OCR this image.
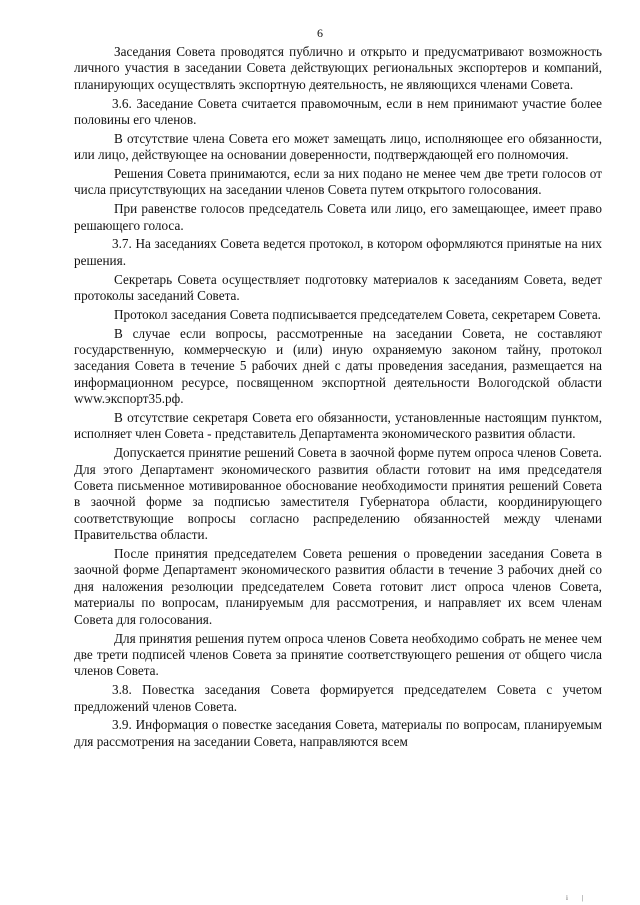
6

Заседания Совета проводятся публично и открыто и предусматривают возможность личного участия в заседании Совета действующих региональных экспортеров и компаний, планирующих осуществлять экспортную деятельность, не являющихся членами Совета.

3.6. Заседание Совета считается правомочным, если в нем принимают участие более половины его членов.

В отсутствие члена Совета его может замещать лицо, исполняющее его обязанности, или лицо, действующее на основании доверенности, подтверждающей его полномочия.

Решения Совета принимаются, если за них подано не менее чем две трети голосов от числа присутствующих на заседании членов Совета путем открытого голосования.

При равенстве голосов председатель Совета или лицо, его замещающее, имеет право решающего голоса.

3.7. На заседаниях Совета ведется протокол, в котором оформляются принятые на них решения.

Секретарь Совета осуществляет подготовку материалов к заседаниям Совета, ведет протоколы заседаний Совета.

Протокол заседания Совета подписывается председателем Совета, секретарем Совета.

В случае если вопросы, рассмотренные на заседании Совета, не составляют государственную, коммерческую и (или) иную охраняемую законом тайну, протокол заседания Совета в течение 5 рабочих дней с даты проведения заседания, размещается на информационном ресурсе, посвященном экспортной деятельности Вологодской области www.экспорт35.рф.

В отсутствие секретаря Совета его обязанности, установленные настоящим пунктом, исполняет член Совета - представитель Департамента экономического развития области.

Допускается принятие решений Совета в заочной форме путем опроса членов Совета. Для этого Департамент экономического развития области готовит на имя председателя Совета письменное мотивированное обоснование необходимости принятия решений Совета в заочной форме за подписью заместителя Губернатора области, координирующего соответствующие вопросы согласно распределению обязанностей между членами Правительства области.

После принятия председателем Совета решения о проведении заседания Совета в заочной форме Департамент экономического развития области в течение 3 рабочих дней со дня наложения резолюции председателем Совета готовит лист опроса членов Совета, материалы по вопросам, планируемым для рассмотрения, и направляет их всем членам Совета для голосования.

Для принятия решения путем опроса членов Совета необходимо собрать не менее чем две трети подписей членов Совета за принятие соответствующего решения от общего числа членов Совета.

3.8. Повестка заседания Совета формируется председателем Совета с учетом предложений членов Совета.

3.9. Информация о повестке заседания Совета, материалы по вопросам, планируемым для рассмотрения на заседании Совета, направляются всем

i |
